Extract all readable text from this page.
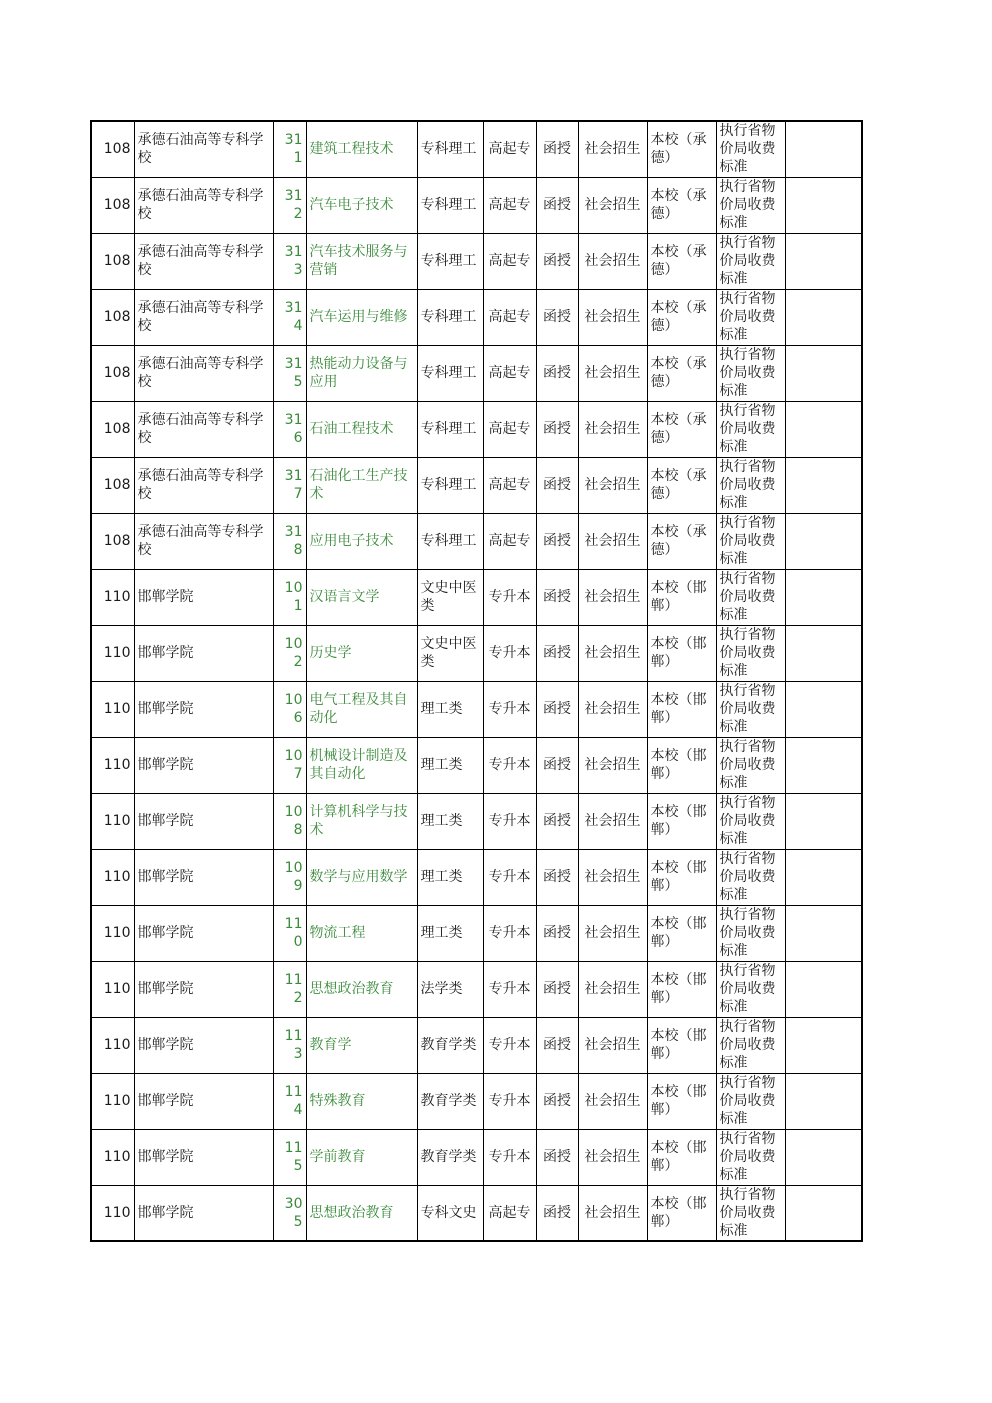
108	承德石油高等专科学校	311	建筑工程技术	专科理工	高起专	函授	社会招生	本校（承德）	执行省物价局收费标准	
108	承德石油高等专科学校	312	汽车电子技术	专科理工	高起专	函授	社会招生	本校（承德）	执行省物价局收费标准	
108	承德石油高等专科学校	313	汽车技术服务与营销	专科理工	高起专	函授	社会招生	本校（承德）	执行省物价局收费标准	
108	承德石油高等专科学校	314	汽车运用与维修	专科理工	高起专	函授	社会招生	本校（承德）	执行省物价局收费标准	
108	承德石油高等专科学校	315	热能动力设备与应用	专科理工	高起专	函授	社会招生	本校（承德）	执行省物价局收费标准	
108	承德石油高等专科学校	316	石油工程技术	专科理工	高起专	函授	社会招生	本校（承德）	执行省物价局收费标准	
108	承德石油高等专科学校	317	石油化工生产技术	专科理工	高起专	函授	社会招生	本校（承德）	执行省物价局收费标准	
108	承德石油高等专科学校	318	应用电子技术	专科理工	高起专	函授	社会招生	本校（承德）	执行省物价局收费标准	
110	邯郸学院	101	汉语言文学	文史中医类	专升本	函授	社会招生	本校（邯郸）	执行省物价局收费标准	
110	邯郸学院	102	历史学	文史中医类	专升本	函授	社会招生	本校（邯郸）	执行省物价局收费标准	
110	邯郸学院	106	电气工程及其自动化	理工类	专升本	函授	社会招生	本校（邯郸）	执行省物价局收费标准	
110	邯郸学院	107	机械设计制造及其自动化	理工类	专升本	函授	社会招生	本校（邯郸）	执行省物价局收费标准	
110	邯郸学院	108	计算机科学与技术	理工类	专升本	函授	社会招生	本校（邯郸）	执行省物价局收费标准	
110	邯郸学院	109	数学与应用数学	理工类	专升本	函授	社会招生	本校（邯郸）	执行省物价局收费标准	
110	邯郸学院	110	物流工程	理工类	专升本	函授	社会招生	本校（邯郸）	执行省物价局收费标准	
110	邯郸学院	112	思想政治教育	法学类	专升本	函授	社会招生	本校（邯郸）	执行省物价局收费标准	
110	邯郸学院	113	教育学	教育学类	专升本	函授	社会招生	本校（邯郸）	执行省物价局收费标准	
110	邯郸学院	114	特殊教育	教育学类	专升本	函授	社会招生	本校（邯郸）	执行省物价局收费标准	
110	邯郸学院	115	学前教育	教育学类	专升本	函授	社会招生	本校（邯郸）	执行省物价局收费标准	
110	邯郸学院	305	思想政治教育	专科文史	高起专	函授	社会招生	本校（邯郸）	执行省物价局收费标准	
